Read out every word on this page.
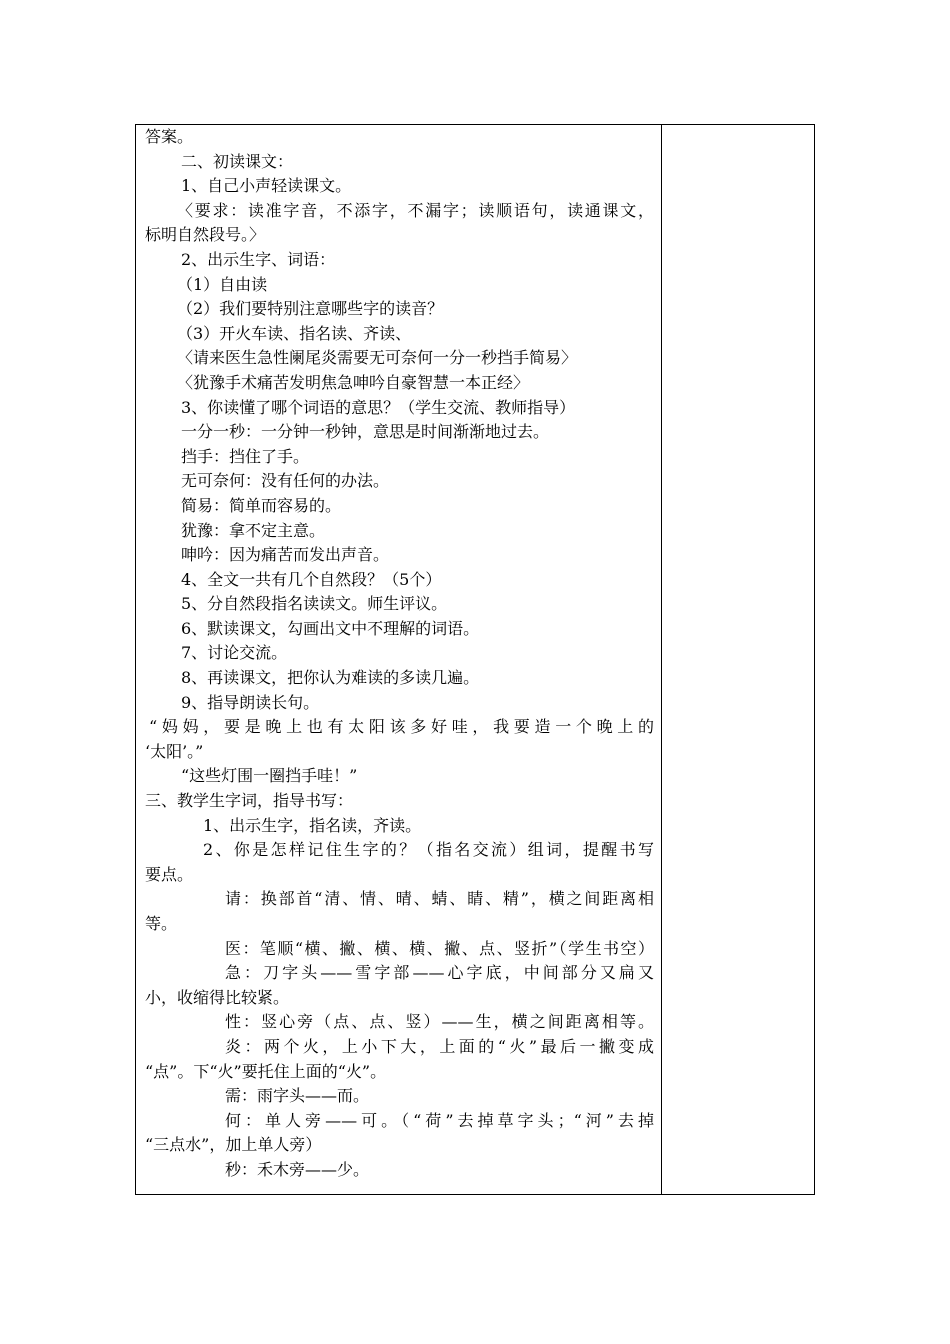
答案。
二、初读课文：
1、自己小声轻读课文。
〈要求：读准字音，不添字，不漏字；读顺语句，读通课文，
标明自然段号。〉
2、出示生字、词语：
（1）自由读
（2）我们要特别注意哪些字的读音？
（3）开火车读、指名读、齐读、
〈请来医生急性阑尾炎需要无可奈何一分一秒挡手简易〉
〈犹豫手术痛苦发明焦急呻吟自豪智慧一本正经〉
3、你读懂了哪个词语的意思？（学生交流、教师指导）
一分一秒：一分钟一秒钟，意思是时间渐渐地过去。
挡手：挡住了手。
无可奈何：没有任何的办法。
简易：简单而容易的。
犹豫：拿不定主意。
呻吟：因为痛苦而发出声音。
4、全文一共有几个自然段？（5个）
5、分自然段指名读读文。师生评议。
6、默读课文，勾画出文中不理解的词语。
7、讨论交流。
8、再读课文，把你认为难读的多读几遍。
9、指导朗读长句。
“妈妈，要是晚上也有太阳该多好哇，我要造一个晚上的
‘太阳’。”
“这些灯围一圈挡手哇！”
三、教学生字词，指导书写：
1、出示生字，指名读，齐读。
2、你是怎样记住生字的？（指名交流）组词，提醒书写
要点。
请：换部首“清、情、晴、蜻、睛、精”，横之间距离相
等。
医：笔顺“横、撇、横、横、撇、点、竖折”（学生书空）
急：刀字头——雪字部——心字底，中间部分又扁又
小，收缩得比较紧。
性：竖心旁（点、点、竖）——生，横之间距离相等。
炎：两个火，上小下大，上面的“火”最后一撇变成
“点”。下“火”要托住上面的“火”。
需：雨字头——而。
何：单人旁——可。（“荷”去掉草字头；“河”去掉
“三点水”，加上单人旁）
秒：禾木旁——少。
